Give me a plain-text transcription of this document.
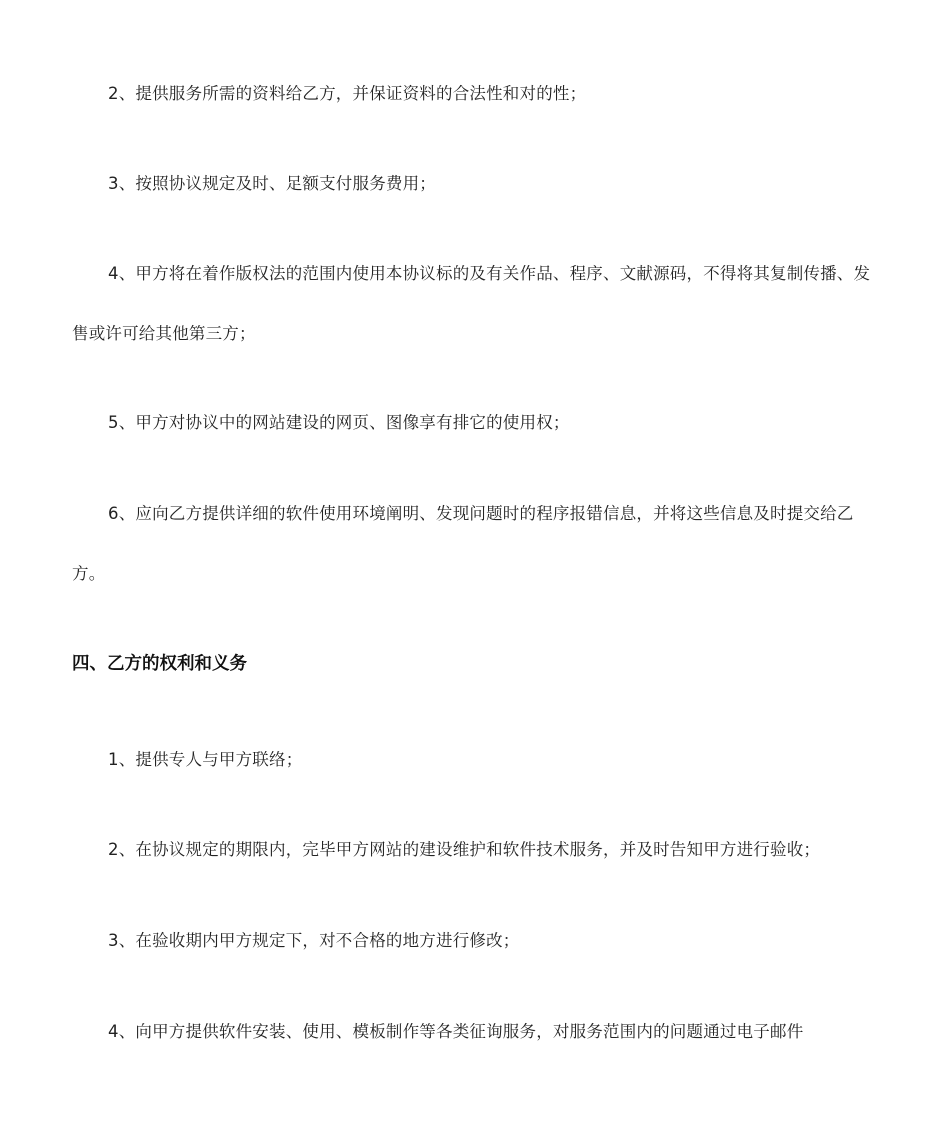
2、提供服务所需的资料给乙方，并保证资料的合法性和对的性；

3、按照协议规定及时、足额支付服务费用；

4、甲方将在着作版权法的范围内使用本协议标的及有关作品、程序、文献源码，不得将其复制传播、发售或许可给其他第三方；

5、甲方对协议中的网站建设的网页、图像享有排它的使用权；

6、应向乙方提供详细的软件使用环境阐明、发现问题时的程序报错信息，并将这些信息及时提交给乙方。

四、乙方的权利和义务

1、提供专人与甲方联络；

2、在协议规定的期限内，完毕甲方网站的建设维护和软件技术服务，并及时告知甲方进行验收；

3、在验收期内甲方规定下，对不合格的地方进行修改；

4、向甲方提供软件安装、使用、模板制作等各类征询服务，对服务范围内的问题通过电子邮件
